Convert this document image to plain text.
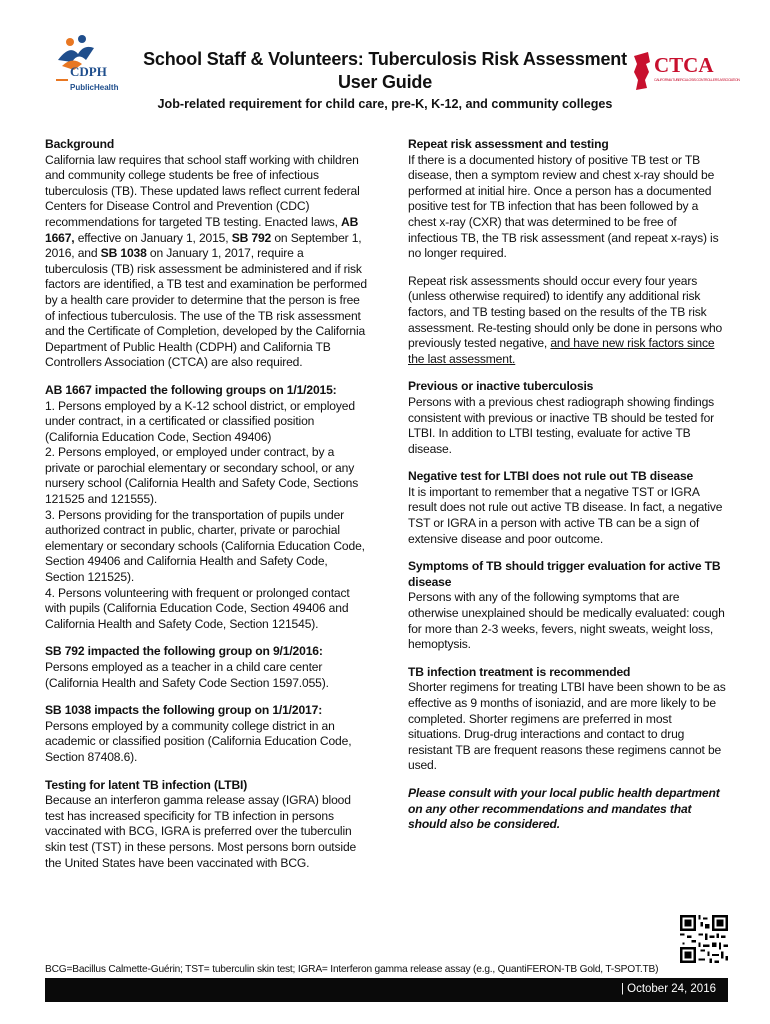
CDPH
PublicHealth
School Staff & Volunteers: Tuberculosis Risk Assessment
User Guide
Job-related requirement for child care, pre-K, K-12, and community colleges
CTCA
CALIFORNIA TUBERCULOSIS CONTROLLERS ASSOCIATION
Background
California law requires that school staff working with children and community college students be free of infectious tuberculosis (TB). These updated laws reflect current federal Centers for Disease Control and Prevention (CDC) recommendations for targeted TB testing. Enacted laws, AB 1667, effective on January 1, 2015, SB 792 on September 1, 2016, and SB 1038 on January 1, 2017, require a tuberculosis (TB) risk assessment be administered and if risk factors are identified, a TB test and examination be performed by a health care provider to determine that the person is free of infectious tuberculosis. The use of the TB risk assessment and the Certificate of Completion, developed by the California Department of Public Health (CDPH) and California TB Controllers Association (CTCA) are also required.
AB 1667 impacted the following groups on 1/1/2015:
1. Persons employed by a K-12 school district, or employed under contract, in a certificated or classified position (California Education Code, Section 49406)
2. Persons employed, or employed under contract, by a private or parochial elementary or secondary school, or any nursery school (California Health and Safety Code, Sections 121525 and 121555).
3. Persons providing for the transportation of pupils under authorized contract in public, charter, private or parochial elementary or secondary schools (California Education Code, Section 49406 and California Health and Safety Code, Section 121525).
4. Persons volunteering with frequent or prolonged contact with pupils (California Education Code, Section 49406 and California Health and Safety Code, Section 121545).
SB 792 impacted the following group on 9/1/2016:
Persons employed as a teacher in a child care center (California Health and Safety Code Section 1597.055).
SB 1038 impacts the following group on 1/1/2017:
Persons employed by a community college district in an academic or classified position (California Education Code, Section 87408.6).
Testing for latent TB infection (LTBI)
Because an interferon gamma release assay (IGRA) blood test has increased specificity for TB infection in persons vaccinated with BCG, IGRA is preferred over the tuberculin skin test (TST) in these persons. Most persons born outside the United States have been vaccinated with BCG.
Repeat risk assessment and testing
If there is a documented history of positive TB test or TB disease, then a symptom review and chest x-ray should be performed at initial hire. Once a person has a documented positive test for TB infection that has been followed by a chest x-ray (CXR) that was determined to be free of infectious TB, the TB risk assessment (and repeat x-rays) is no longer required.
Repeat risk assessments should occur every four years (unless otherwise required) to identify any additional risk factors, and TB testing based on the results of the TB risk assessment. Re-testing should only be done in persons who previously tested negative, and have new risk factors since the last assessment.
Previous or inactive tuberculosis
Persons with a previous chest radiograph showing findings consistent with previous or inactive TB should be tested for LTBI. In addition to LTBI testing, evaluate for active TB disease.
Negative test for LTBI does not rule out TB disease
It is important to remember that a negative TST or IGRA result does not rule out active TB disease. In fact, a negative TST or IGRA in a person with active TB can be a sign of extensive disease and poor outcome.
Symptoms of TB should trigger evaluation for active TB disease
Persons with any of the following symptoms that are otherwise unexplained should be medically evaluated: cough for more than 2-3 weeks, fevers, night sweats, weight loss, hemoptysis.
TB infection treatment is recommended
Shorter regimens for treating LTBI have been shown to be as effective as 9 months of isoniazid, and are more likely to be completed. Shorter regimens are preferred in most situations. Drug-drug interactions and contact to drug resistant TB are frequent reasons these regimens cannot be used.
Please consult with your local public health department on any other recommendations and mandates that should also be considered.
BCG=Bacillus Calmette-Guérin; TST= tuberculin skin test; IGRA= Interferon gamma release assay (e.g., QuantiFERON-TB Gold, T-SPOT.TB)
| October 24, 2016
